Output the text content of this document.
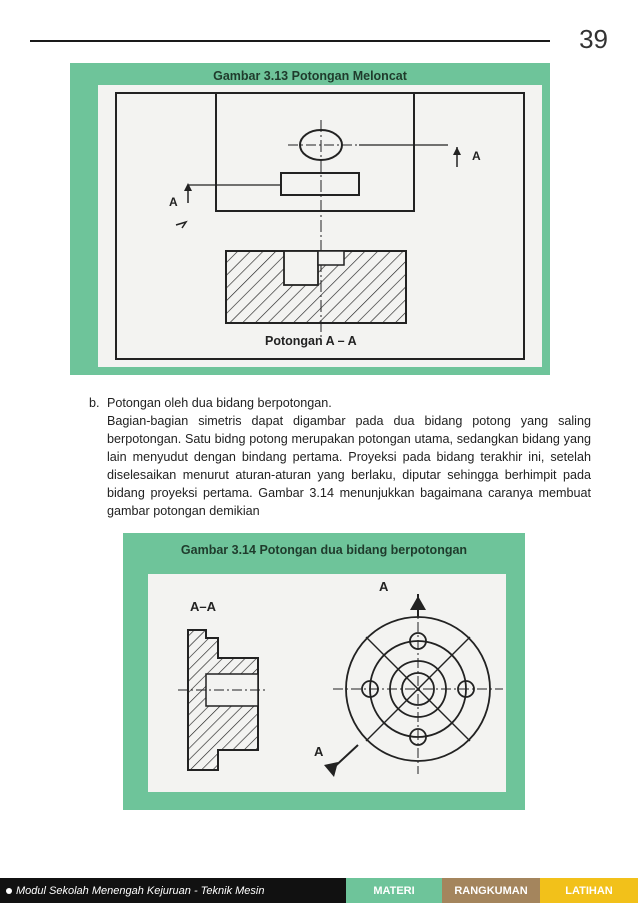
39
Gambar 3.13 Potongan Meloncat
A
A
Potongan A – A
b. Potongan oleh dua bidang berpotongan.
Bagian-bagian simetris dapat digambar pada dua bidang potong yang saling berpotongan. Satu bidng potong merupakan potongan utama, sedangkan bidang yang lain menyudut dengan bindang pertama. Proyeksi pada bidang terakhir ini, setelah diselesaikan menurut aturan-aturan yang berlaku, diputar sehingga berhimpit pada bidang proyeksi pertama. Gambar 3.14 menunjukkan bagaimana caranya membuat gambar potongan demikian
Gambar 3.14 Potongan dua bidang berpotongan
A–A
A
A
Modul Sekolah Menengah Kejuruan - Teknik Mesin	MATERI	RANGKUMAN	LATIHAN
